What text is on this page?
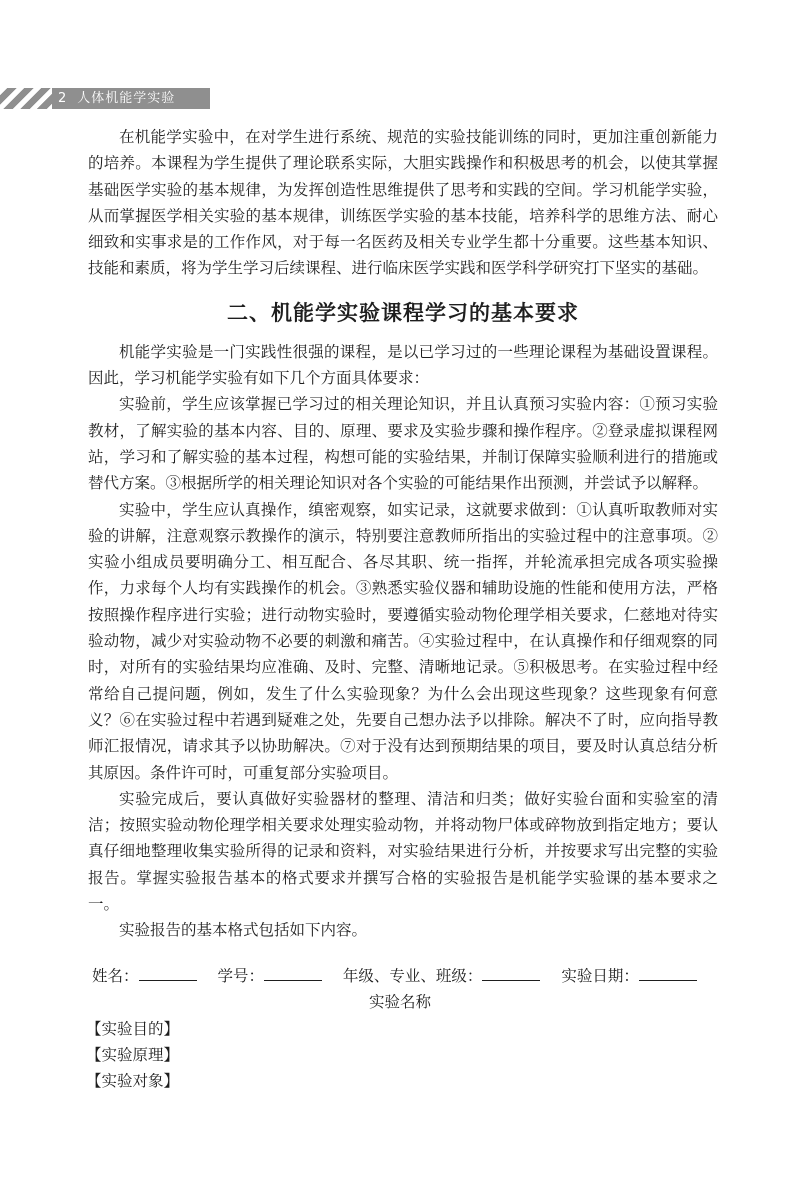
2 人体机能学实验

在机能学实验中，在对学生进行系统、规范的实验技能训练的同时，更加注重创新能力的培养。本课程为学生提供了理论联系实际，大胆实践操作和积极思考的机会，以使其掌握基础医学实验的基本规律，为发挥创造性思维提供了思考和实践的空间。学习机能学实验，从而掌握医学相关实验的基本规律，训练医学实验的基本技能，培养科学的思维方法、耐心细致和实事求是的工作作风，对于每一名医药及相关专业学生都十分重要。这些基本知识、技能和素质，将为学生学习后续课程、进行临床医学实践和医学科学研究打下坚实的基础。

二、机能学实验课程学习的基本要求

机能学实验是一门实践性很强的课程，是以已学习过的一些理论课程为基础设置课程。因此，学习机能学实验有如下几个方面具体要求：

实验前，学生应该掌握已学习过的相关理论知识，并且认真预习实验内容：①预习实验教材，了解实验的基本内容、目的、原理、要求及实验步骤和操作程序。②登录虚拟课程网站，学习和了解实验的基本过程，构想可能的实验结果，并制订保障实验顺利进行的措施或替代方案。③根据所学的相关理论知识对各个实验的可能结果作出预测，并尝试予以解释。

实验中，学生应认真操作，缜密观察，如实记录，这就要求做到：①认真听取教师对实验的讲解，注意观察示教操作的演示，特别要注意教师所指出的实验过程中的注意事项。②实验小组成员要明确分工、相互配合、各尽其职、统一指挥，并轮流承担完成各项实验操作，力求每个人均有实践操作的机会。③熟悉实验仪器和辅助设施的性能和使用方法，严格按照操作程序进行实验；进行动物实验时，要遵循实验动物伦理学相关要求，仁慈地对待实验动物，减少对实验动物不必要的刺激和痛苦。④实验过程中，在认真操作和仔细观察的同时，对所有的实验结果均应准确、及时、完整、清晰地记录。⑤积极思考。在实验过程中经常给自己提问题，例如，发生了什么实验现象？为什么会出现这些现象？这些现象有何意义？⑥在实验过程中若遇到疑难之处，先要自己想办法予以排除。解决不了时，应向指导教师汇报情况，请求其予以协助解决。⑦对于没有达到预期结果的项目，要及时认真总结分析其原因。条件许可时，可重复部分实验项目。

实验完成后，要认真做好实验器材的整理、清洁和归类；做好实验台面和实验室的清洁；按照实验动物伦理学相关要求处理实验动物，并将动物尸体或碎物放到指定地方；要认真仔细地整理收集实验所得的记录和资料，对实验结果进行分析，并按要求写出完整的实验报告。掌握实验报告基本的格式要求并撰写合格的实验报告是机能学实验课的基本要求之一。

实验报告的基本格式包括如下内容。

姓名：	学号：	年级、专业、班级：	实验日期：
实验名称
【实验目的】
【实验原理】
【实验对象】
